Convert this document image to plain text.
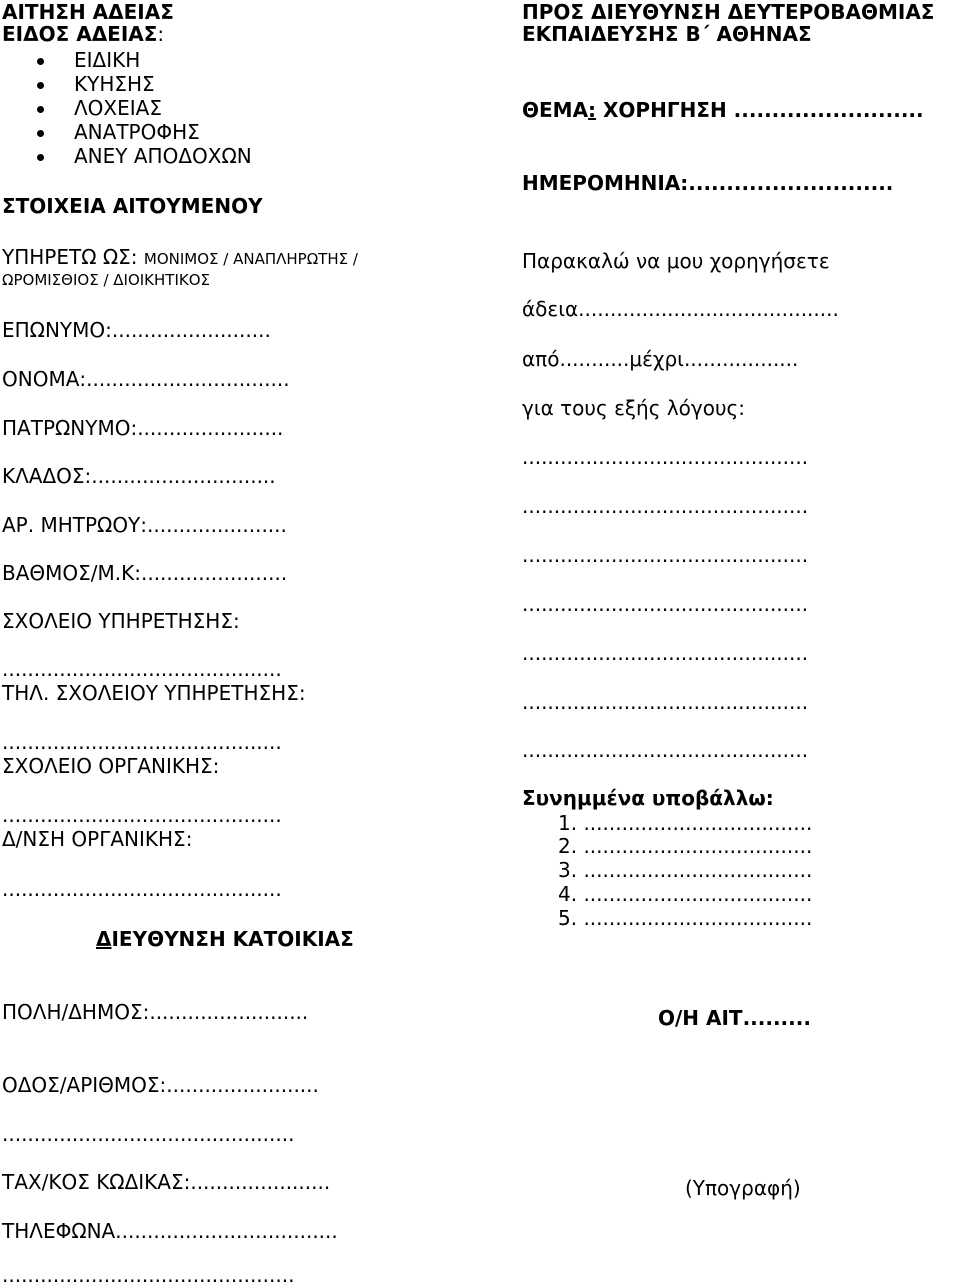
ΑΙΤΗΣΗ ΑΔΕΙΑΣ
ΕΙΔΟΣ ΑΔΕΙΑΣ:
ΕΙΔΙΚΗ
ΚΥΗΣΗΣ
ΛΟΧΕΙΑΣ
ΑΝΑΤΡΟΦΗΣ
ΑΝΕΥ ΑΠΟΔΟΧΩΝ
ΣΤΟΙΧΕΙΑ ΑΙΤΟΥΜΕΝΟΥ
ΥΠΗΡΕΤΩ ΩΣ: ΜΟΝΙΜΟΣ / ΑΝΑΠΛΗΡΩΤΗΣ /
ΩΡΟΜΙΣΘΙΟΣ / ΔΙΟΙΚΗΤΙΚΟΣ
ΕΠΩΝΥΜΟ:.........................
ΟΝΟΜΑ:................................
ΠΑΤΡΩΝΥΜΟ:.......................
ΚΛΑΔΟΣ:.............................
ΑΡ. ΜΗΤΡΩΟΥ:......................
ΒΑΘΜΟΣ/Μ.Κ:.......................
ΣΧΟΛΕΙΟ ΥΠΗΡΕΤΗΣΗΣ:
............................................
ΤΗΛ. ΣΧΟΛΕΙΟΥ ΥΠΗΡΕΤΗΣΗΣ:
............................................
ΣΧΟΛΕΙΟ ΟΡΓΑΝΙΚΗΣ:
............................................
Δ/ΝΣΗ ΟΡΓΑΝΙΚΗΣ:
............................................
ΔΙΕΥΘΥΝΣΗ ΚΑΤΟΙΚΙΑΣ
ΠΡΟΣ ΔΙΕΥΘΥΝΣΗ ΔΕΥΤΕΡΟΒΑΘΜΙΑΣ
ΕΚΠΑΙΔΕΥΣΗΣ Β΄ ΑΘΗΝΑΣ
ΘΕΜΑ: ΧΟΡΗΓΗΣΗ .........................
ΗΜΕΡΟΜΗΝΙΑ:...........................
Παρακαλώ να μου χορηγήσετε
άδεια.........................................
από...........μέχρι..................
για τους εξής λόγους:
.............................................
.............................................
.............................................
.............................................
.............................................
.............................................
.............................................
Συνημμένα υποβάλλω:
1. ....................................
2. ....................................
3. ....................................
4. ....................................
5. ....................................
ΠΟΛΗ/ΔΗΜΟΣ:.........................	Ο/Η ΑΙΤ.........
ΟΔΟΣ/ΑΡΙΘΜΟΣ:........................
..............................................
ΤΑΧ/ΚΟΣ ΚΩΔΙΚΑΣ:......................	(Υπογραφή)
ΤΗΛΕΦΩΝΑ...................................
..............................................
